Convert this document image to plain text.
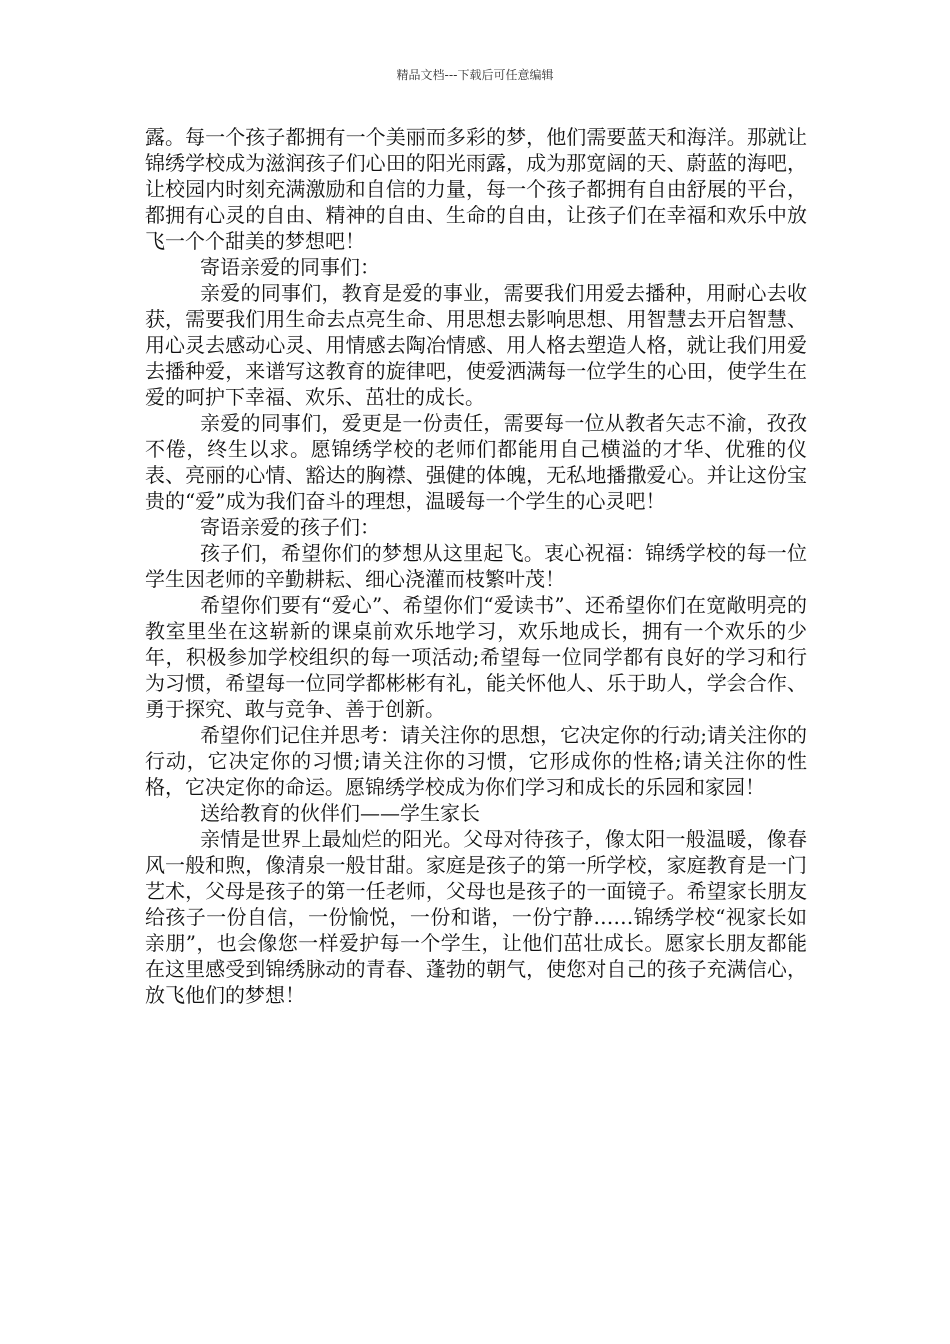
精品文档---下载后可任意编辑

露。每一个孩子都拥有一个美丽而多彩的梦，他们需要蓝天和海洋。那就让锦绣学校成为滋润孩子们心田的阳光雨露，成为那宽阔的天、蔚蓝的海吧，让校园内时刻充满激励和自信的力量，每一个孩子都拥有自由舒展的平台，都拥有心灵的自由、精神的自由、生命的自由，让孩子们在幸福和欢乐中放飞一个个甜美的梦想吧！

寄语亲爱的同事们：

亲爱的同事们，教育是爱的事业，需要我们用爱去播种，用耐心去收获，需要我们用生命去点亮生命、用思想去影响思想、用智慧去开启智慧、用心灵去感动心灵、用情感去陶冶情感、用人格去塑造人格，就让我们用爱去播种爱，来谱写这教育的旋律吧，使爱洒满每一位学生的心田，使学生在爱的呵护下幸福、欢乐、茁壮的成长。

亲爱的同事们，爱更是一份责任，需要每一位从教者矢志不渝，孜孜不倦，终生以求。愿锦绣学校的老师们都能用自己横溢的才华、优雅的仪表、亮丽的心情、豁达的胸襟、强健的体魄，无私地播撒爱心。并让这份宝贵的“爱”成为我们奋斗的理想，温暖每一个学生的心灵吧！

寄语亲爱的孩子们：

孩子们，希望你们的梦想从这里起飞。衷心祝福：锦绣学校的每一位学生因老师的辛勤耕耘、细心浇灌而枝繁叶茂！

希望你们要有“爱心”、希望你们“爱读书”、还希望你们在宽敞明亮的教室里坐在这崭新的课桌前欢乐地学习，欢乐地成长，拥有一个欢乐的少年，积极参加学校组织的每一项活动;希望每一位同学都有良好的学习和行为习惯，希望每一位同学都彬彬有礼，能关怀他人、乐于助人，学会合作、勇于探究、敢与竞争、善于创新。

希望你们记住并思考：请关注你的思想，它决定你的行动;请关注你的行动，它决定你的习惯;请关注你的习惯，它形成你的性格;请关注你的性格，它决定你的命运。愿锦绣学校成为你们学习和成长的乐园和家园！

送给教育的伙伴们——学生家长

亲情是世界上最灿烂的阳光。父母对待孩子，像太阳一般温暖，像春风一般和煦，像清泉一般甘甜。家庭是孩子的第一所学校，家庭教育是一门艺术，父母是孩子的第一任老师，父母也是孩子的一面镜子。希望家长朋友给孩子一份自信，一份愉悦，一份和谐，一份宁静……锦绣学校“视家长如亲朋”，也会像您一样爱护每一个学生，让他们茁壮成长。愿家长朋友都能在这里感受到锦绣脉动的青春、蓬勃的朝气，使您对自己的孩子充满信心，放飞他们的梦想！
